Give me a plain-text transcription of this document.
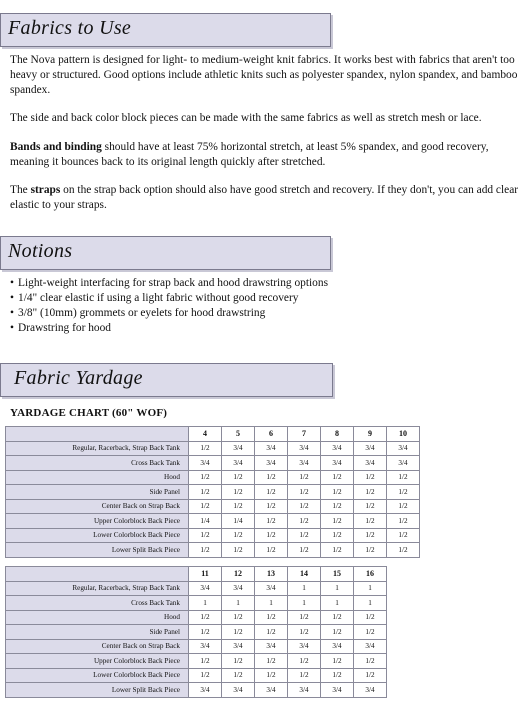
Fabrics to Use

The Nova pattern is designed for light- to medium-weight knit fabrics. It works best with fabrics that aren't too heavy or structured. Good options include athletic knits such as polyester spandex, nylon spandex, and bamboo spandex.

The side and back color block pieces can be made with the same fabrics as well as stretch mesh or lace.

Bands and binding should have at least 75% horizontal stretch, at least 5% spandex, and good recovery, meaning it bounces back to its original length quickly after stretched.

The straps on the strap back option should also have good stretch and recovery. If they don't, you can add clear elastic to your straps.

Notions
• Light-weight interfacing for strap back and hood drawstring options
• 1/4" clear elastic if using a light fabric without good recovery
• 3/8" (10mm) grommets or eyelets for hood drawstring
• Drawstring for hood
Fabric Yardage
YARDAGE CHART (60" WOF)
	4	5	6	7	8	9	10
Regular, Racerback, Strap Back Tank	1/2	3/4	3/4	3/4	3/4	3/4	3/4
Cross Back Tank	3/4	3/4	3/4	3/4	3/4	3/4	3/4
Hood	1/2	1/2	1/2	1/2	1/2	1/2	1/2
Side Panel	1/2	1/2	1/2	1/2	1/2	1/2	1/2
Center Back on Strap Back	1/2	1/2	1/2	1/2	1/2	1/2	1/2
Upper Colorblock Back Piece	1/4	1/4	1/2	1/2	1/2	1/2	1/2
Lower Colorblock Back Piece	1/2	1/2	1/2	1/2	1/2	1/2	1/2
Lower Split Back Piece	1/2	1/2	1/2	1/2	1/2	1/2	1/2
	11	12	13	14	15	16
Regular, Racerback, Strap Back Tank	3/4	3/4	3/4	1	1	1
Cross Back Tank	1	1	1	1	1	1
Hood	1/2	1/2	1/2	1/2	1/2	1/2
Side Panel	1/2	1/2	1/2	1/2	1/2	1/2
Center Back on Strap Back	3/4	3/4	3/4	3/4	3/4	3/4
Upper Colorblock Back Piece	1/2	1/2	1/2	1/2	1/2	1/2
Lower Colorblock Back Piece	1/2	1/2	1/2	1/2	1/2	1/2
Lower Split Back Piece	3/4	3/4	3/4	3/4	3/4	3/4
